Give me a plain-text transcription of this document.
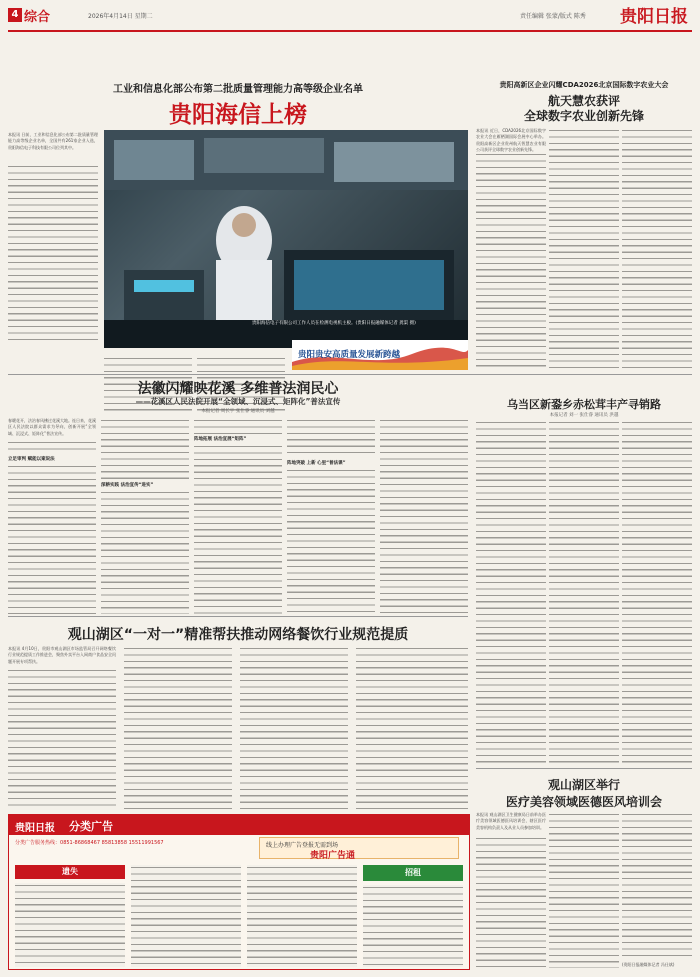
4 综合	2026年4月14日 星期二	责任编辑 张蒙/版式 陈秀 贵阳日报
工业和信息化部公布第二批质量管理能力高等级企业名单
贵阳海信上榜
本报讯 日前，工业和信息化部公布第二批质量管理能力高等级企业名单，全国共有261家企业入选，贵阳海信电子科技有限公司位列其中。
贵阳海信电子有限公司工作人员在检测电视机主板。(贵阳日报融媒体记者 龚渠 摄)
贵阳贵安高质量发展新跨越
贵阳高新区企业闪耀CDA2026北京国际数字农业大会
航天慧农获评
全球数字农业创新先锋
本报讯 近日，CDA2026北京国际数字农业大会在雁栖湖国际会展中心举办。贵阳高新区企业贵州航天智慧农业有限公司获评全球数字农业创新先锋。
法徽闪耀映花溪 多维普法润民心
——花溪区人民法院开展“全领域、沉浸式、矩阵化”普法宣传
本报记者 周长宇 张仕睿 通讯员 刘越
春暖花开，法治春风拂过花溪大地。连日来，花溪区人民法院以群众需求为导向，创新开展“全领域、沉浸式、矩阵化”普法宣传。
立足审判 赋能以案说法
深耕实践 法治宣传“进实”
阵地拓展 法治宣展“矩阵”
阵地突破 上新 心里“普法课”
乌当区新銎乡赤松茸丰产寻销路
本报记者 刘一 张仕睿 通讯员 洪越
观山湖区“一对一”精准帮扶推动网络餐饮行业规范提质
本报讯 4月10日，贵阳市观山湖区市场监管局召开网络餐饮行业规范提质工作推进会，聚焦外卖平台入网商户食品安全问题开展专项帮扶。
观山湖区举行
医疗美容领域医德医风培训会
本报讯 观山湖区卫生健康局日前举办医疗美容领域医德医风培训会，辖区医疗美容机构负责人及从业人员参加培训。
(贵阳日报融媒体记者 冯仕斌)
贵阳日报 分类广告
分类广告服务热线：0851-86868467 85813858 15511991567	线上办理广告登报无需到场
贵阳广告通
遗失	招租
